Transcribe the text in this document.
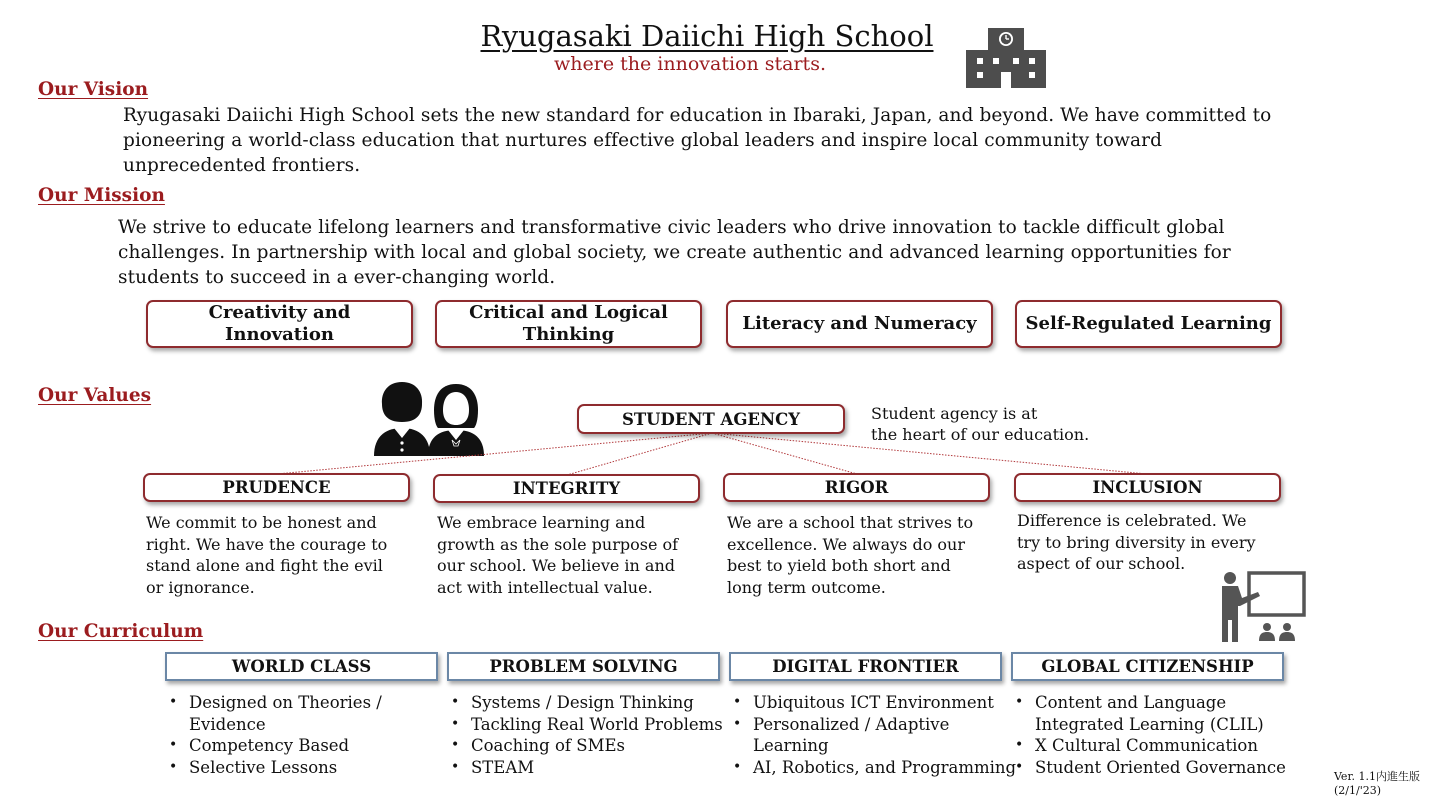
Ryugasaki Daiichi High School
where the innovation starts.
Our Vision
Ryugasaki Daiichi High School sets the new standard for education in Ibaraki, Japan, and beyond. We have committed to
pioneering a world-class education that nurtures effective global leaders and inspire local community toward
unprecedented frontiers.
Our Mission
We strive to educate lifelong learners and transformative civic leaders who drive innovation to tackle difficult global
challenges. In partnership with local and global society, we create authentic and advanced learning opportunities for
students to succeed in a ever-changing world.
Creativity and Innovation
Critical and Logical Thinking
Literacy and Numeracy	Self-Regulated Learning
Our Values
STUDENT AGENCY	Student agency is at
the heart of our education.
PRUDENCE	INTEGRITY	RIGOR	INCLUSION
We commit to be honest and
right. We have the courage to
stand alone and fight the evil
or ignorance.
We embrace learning and
growth as the sole purpose of
our school. We believe in and
act with intellectual value.
We are a school that strives to
excellence. We always do our
best to yield both short and
long term outcome.
Difference is celebrated. We
try to bring diversity in every
aspect of our school.
Our Curriculum
WORLD CLASS	PROBLEM SOLVING	DIGITAL FRONTIER	GLOBAL CITIZENSHIP
• Designed on Theories / Evidence
• Competency Based
• Selective Lessons
• Systems / Design Thinking
• Tackling Real World Problems
• Coaching of SMEs
• STEAM
• Ubiquitous ICT Environment
• Personalized / Adaptive Learning
• AI, Robotics, and Programming
• Content and Language Integrated Learning (CLIL)
• X Cultural Communication
• Student Oriented Governance	Ver. 1.1内進生版
(2/1/'23)
